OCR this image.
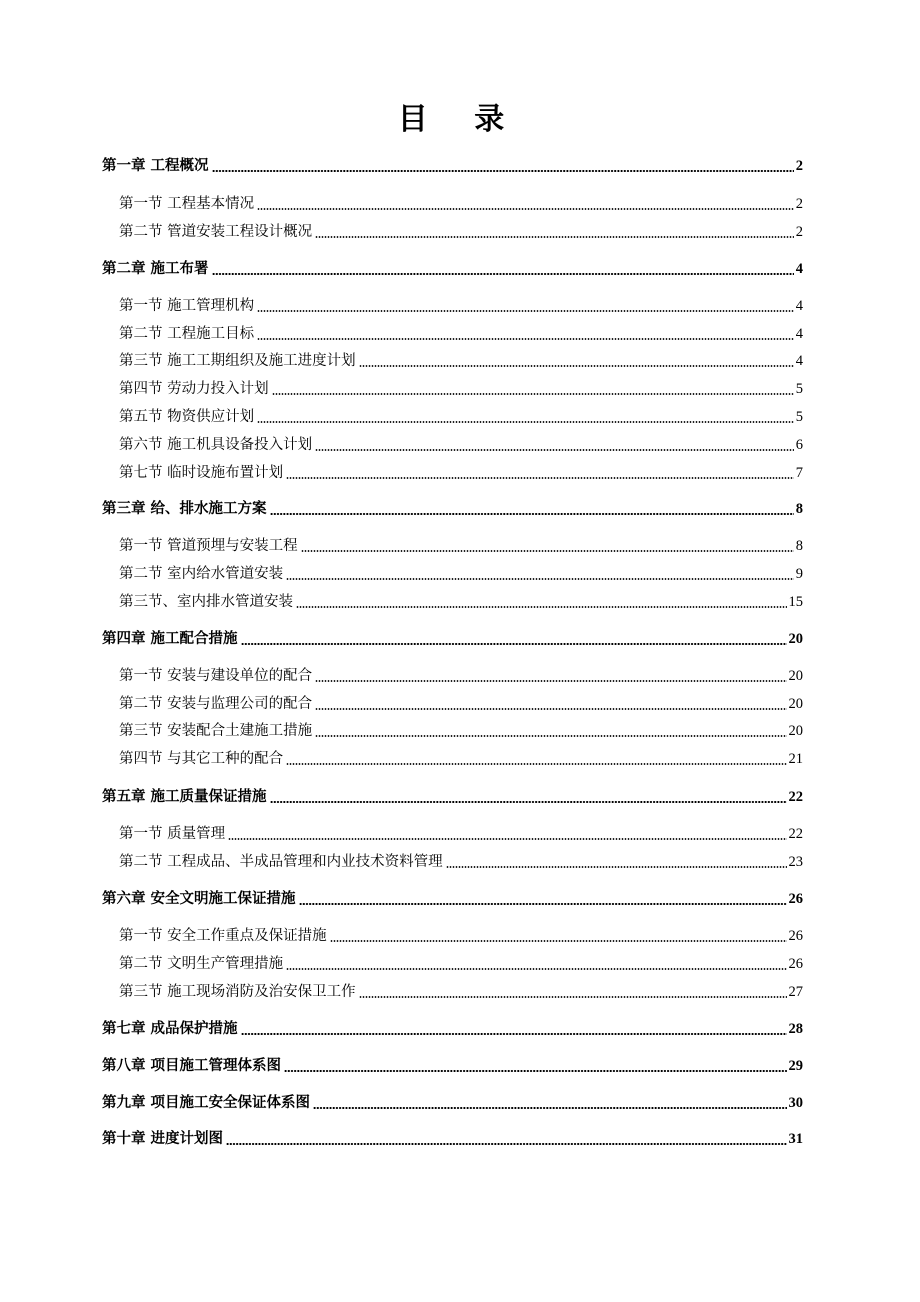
目 录
第一章 工程概况	2
第一节 工程基本情况	2
第二节 管道安装工程设计概况	2
第二章 施工布署	4
第一节 施工管理机构	4
第二节 工程施工目标	4
第三节 施工工期组织及施工进度计划	4
第四节 劳动力投入计划	5
第五节 物资供应计划	5
第六节 施工机具设备投入计划	6
第七节 临时设施布置计划	7
第三章 给、排水施工方案	8
第一节 管道预埋与安装工程	8
第二节 室内给水管道安装	9
第三节、室内排水管道安装	15
第四章 施工配合措施	20
第一节 安装与建设单位的配合	20
第二节 安装与监理公司的配合	20
第三节 安装配合土建施工措施	20
第四节 与其它工种的配合	21
第五章 施工质量保证措施	22
第一节 质量管理	22
第二节 工程成品、半成品管理和内业技术资料管理	23
第六章 安全文明施工保证措施	26
第一节 安全工作重点及保证措施	26
第二节 文明生产管理措施	26
第三节 施工现场消防及治安保卫工作	27
第七章 成品保护措施	28
第八章 项目施工管理体系图	29
第九章 项目施工安全保证体系图	30
第十章 进度计划图	31
